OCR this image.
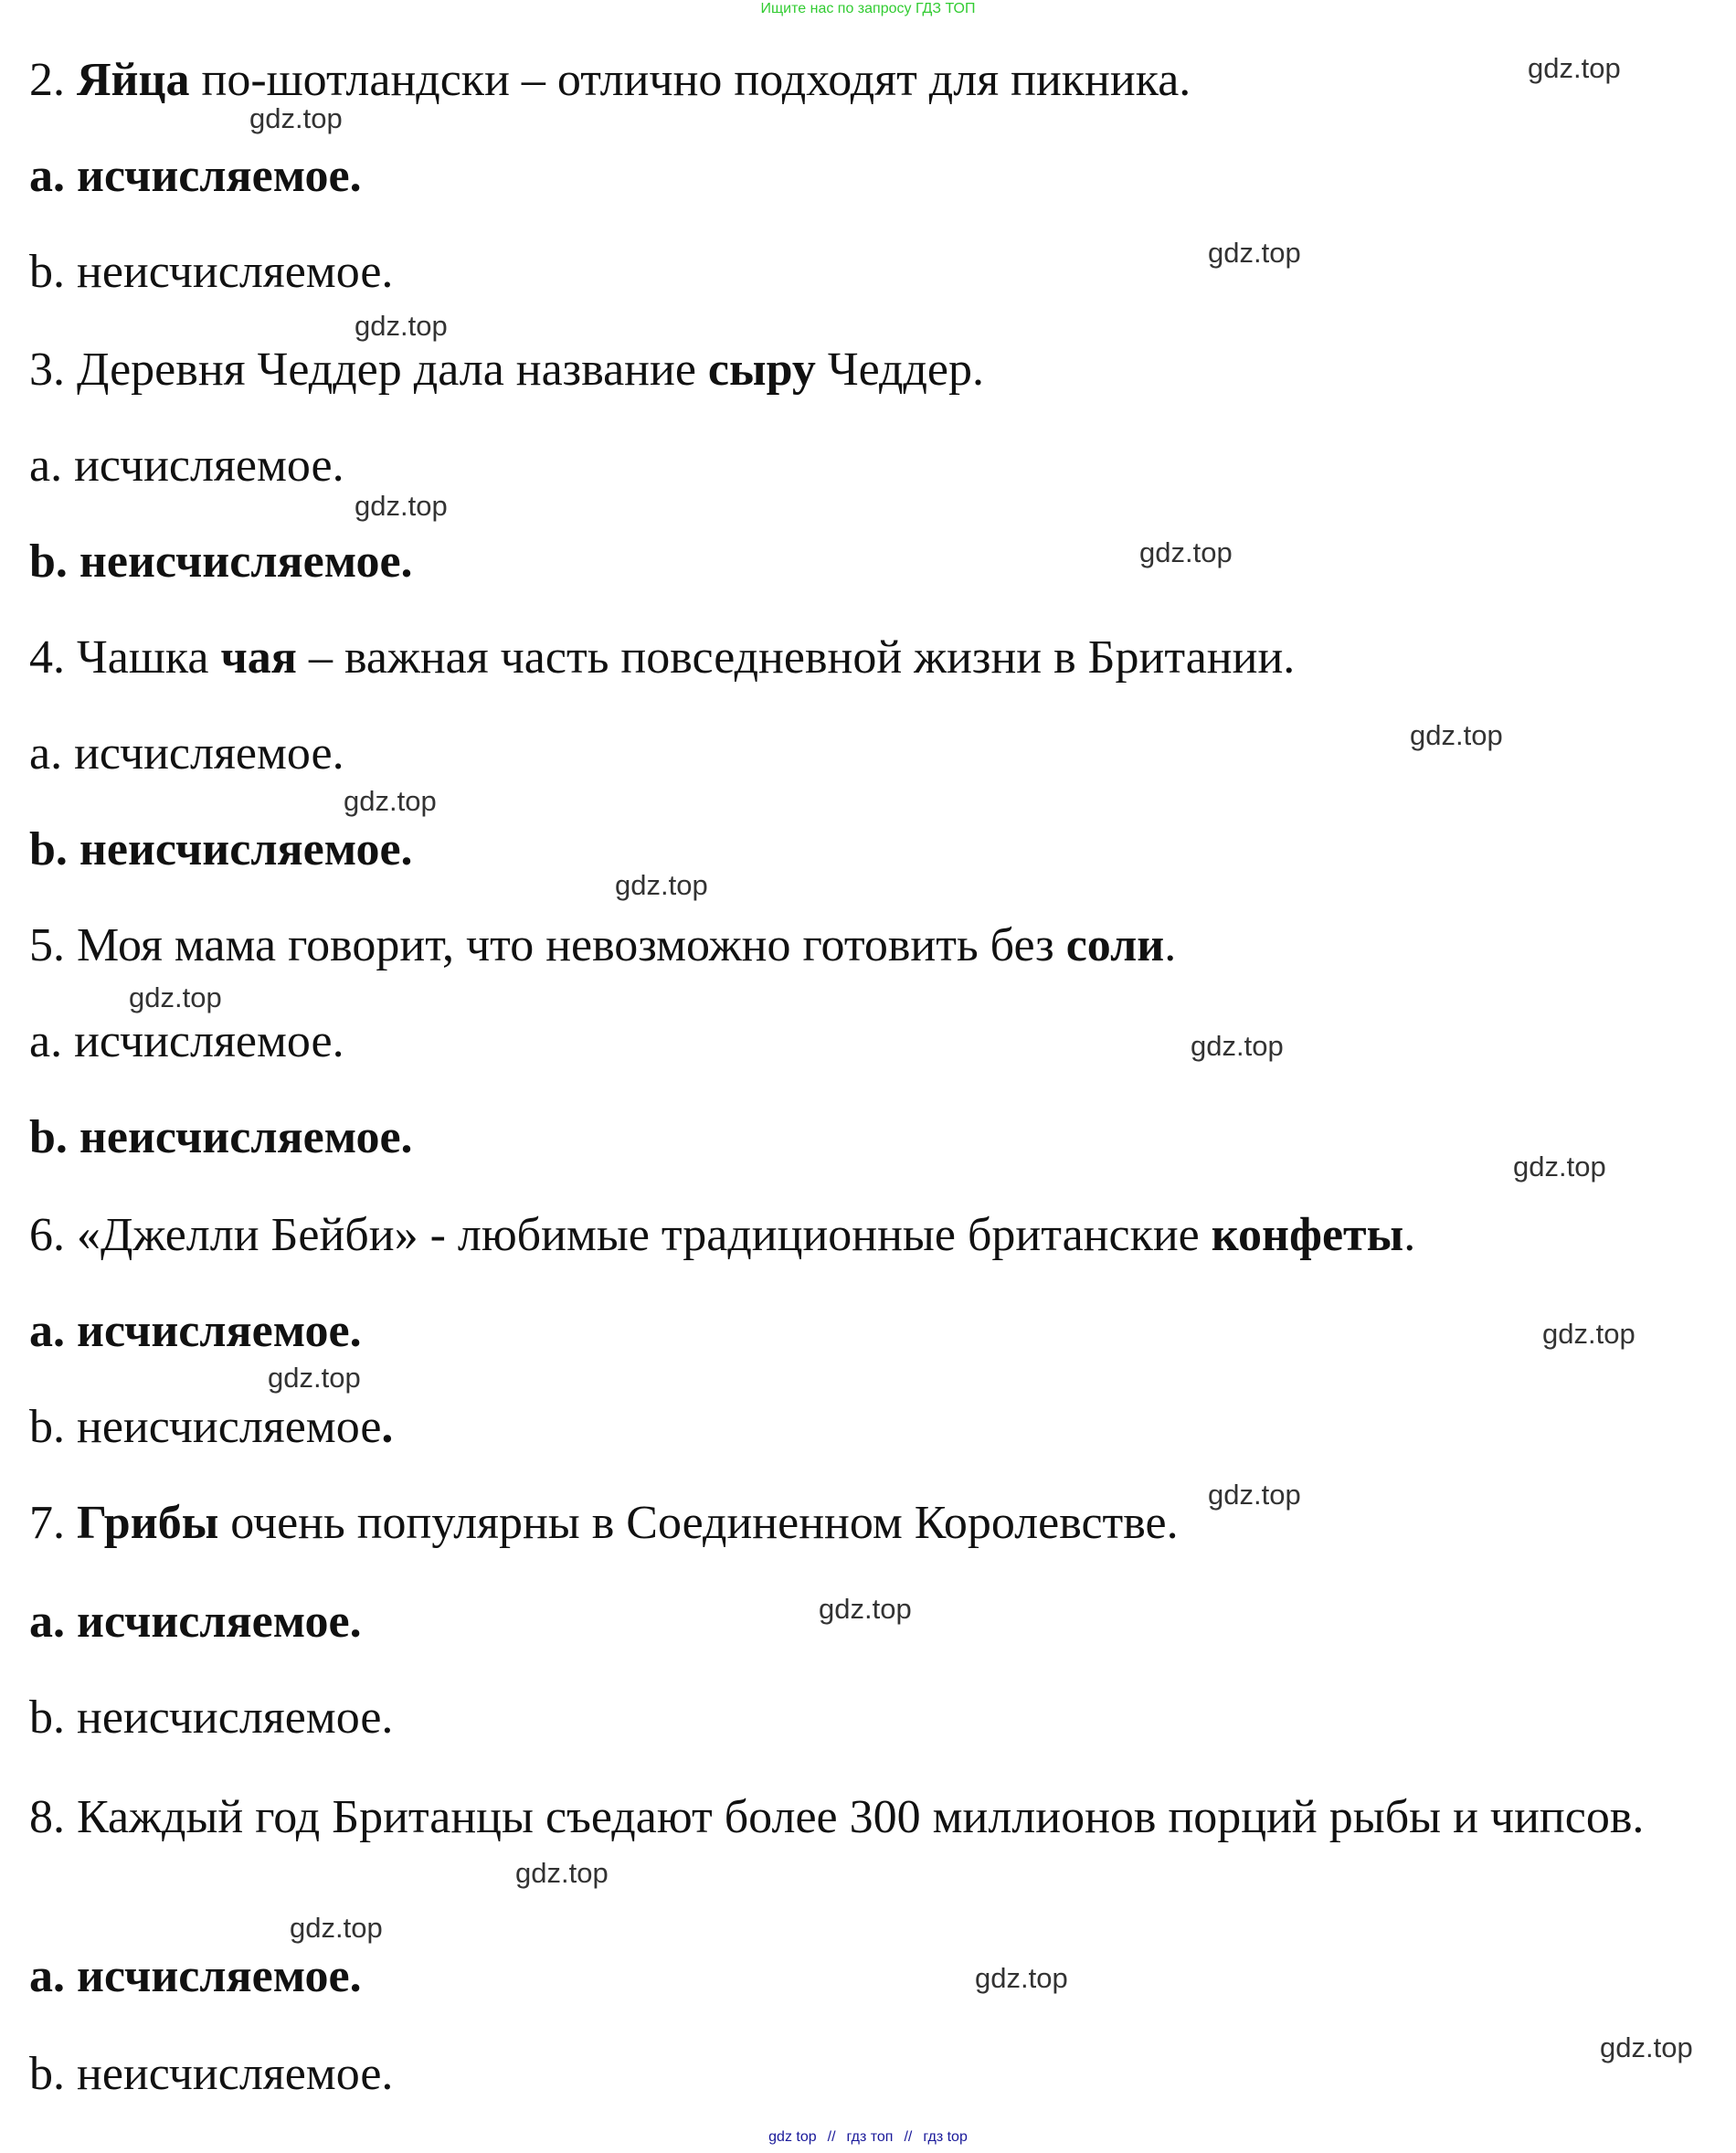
Ищите нас по запросу ГДЗ ТОП

2. Яйца по-шотландски – отлично подходят для пикника.

a. исчисляемое.

b. неисчисляемое.

3. Деревня Чеддер дала название сыру Чеддер.

a. исчисляемое.

b. неисчисляемое.

4. Чашка чая – важная часть повседневной жизни в Британии.

a. исчисляемое.

b. неисчисляемое.

5. Моя мама говорит, что невозможно готовить без соли.

a. исчисляемое.

b. неисчисляемое.

6. «Джелли Бейби» - любимые традиционные британские конфеты.

a. исчисляемое.

b. неисчисляемое.

7. Грибы очень популярны в Соединенном Королевстве.

a. исчисляемое.

b. неисчисляемое.

8. Каждый год Британцы съедают более 300 миллионов порций рыбы и чипсов.

a. исчисляемое.

b. неисчисляемое.

gdz.top
gdz.top
gdz.top
gdz.top
gdz.top
gdz.top
gdz.top
gdz.top
gdz.top
gdz.top
gdz.top
gdz.top
gdz.top
gdz.top
gdz.top
gdz.top
gdz.top
gdz.top
gdz.top
gdz.top
gdz top // гдз топ // гдз top
